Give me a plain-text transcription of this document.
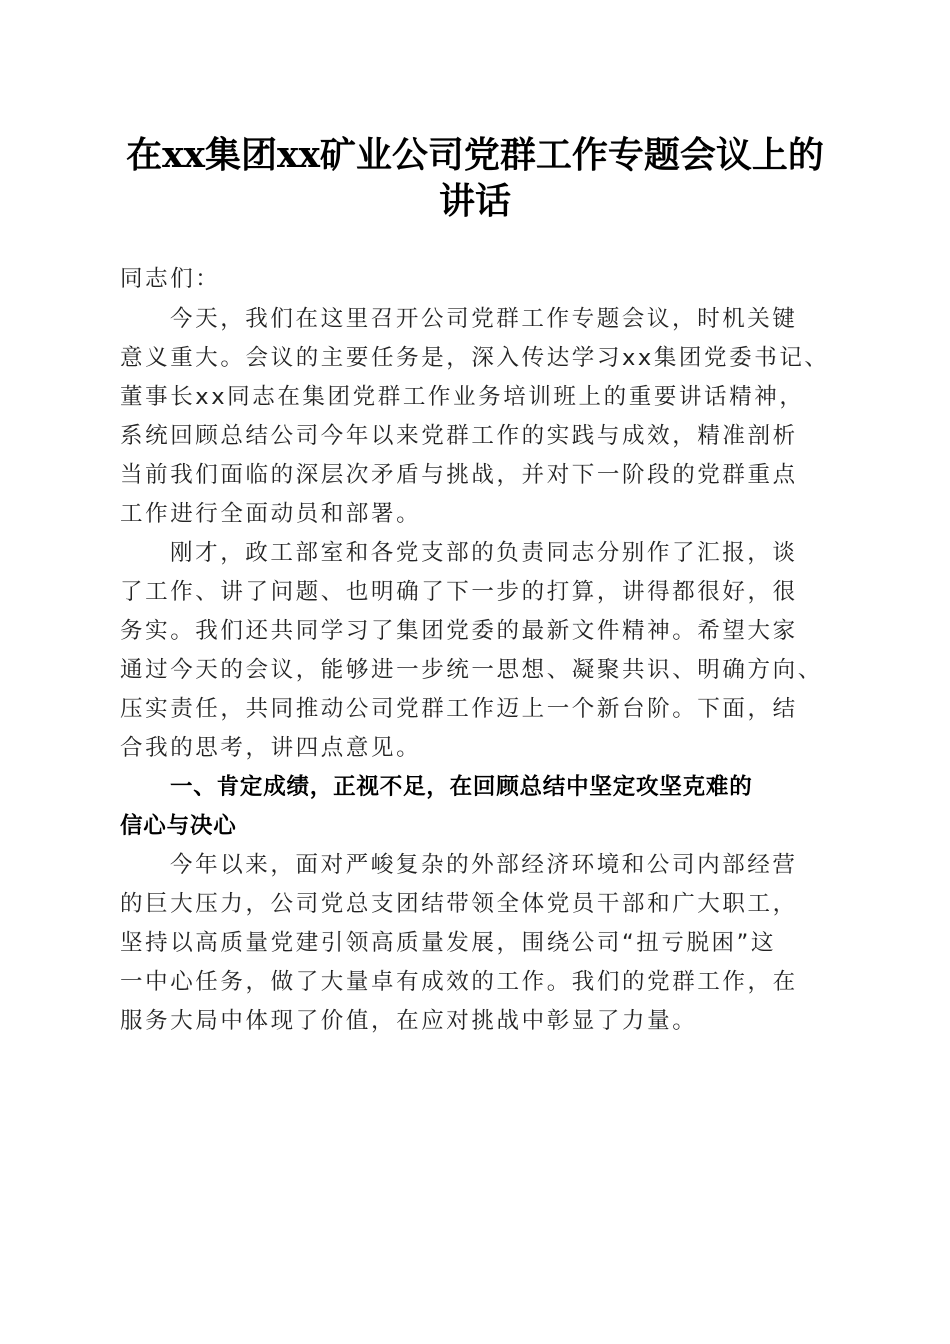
在xx集团xx矿业公司党群工作专题会议上的
讲话
同志们：
今天，我们在这里召开公司党群工作专题会议，时机关键
意义重大。会议的主要任务是，深入传达学习xx集团党委书记、
董事长xx同志在集团党群工作业务培训班上的重要讲话精神，
系统回顾总结公司今年以来党群工作的实践与成效，精准剖析
当前我们面临的深层次矛盾与挑战，并对下一阶段的党群重点
工作进行全面动员和部署。
刚才，政工部室和各党支部的负责同志分别作了汇报，谈
了工作、讲了问题、也明确了下一步的打算，讲得都很好，很
务实。我们还共同学习了集团党委的最新文件精神。希望大家
通过今天的会议，能够进一步统一思想、凝聚共识、明确方向、
压实责任，共同推动公司党群工作迈上一个新台阶。下面，结
合我的思考，讲四点意见。
一、肯定成绩，正视不足，在回顾总结中坚定攻坚克难的
信心与决心
今年以来，面对严峻复杂的外部经济环境和公司内部经营
的巨大压力，公司党总支团结带领全体党员干部和广大职工，
坚持以高质量党建引领高质量发展，围绕公司“扭亏脱困”这
一中心任务，做了大量卓有成效的工作。我们的党群工作，在
服务大局中体现了价值，在应对挑战中彰显了力量。
